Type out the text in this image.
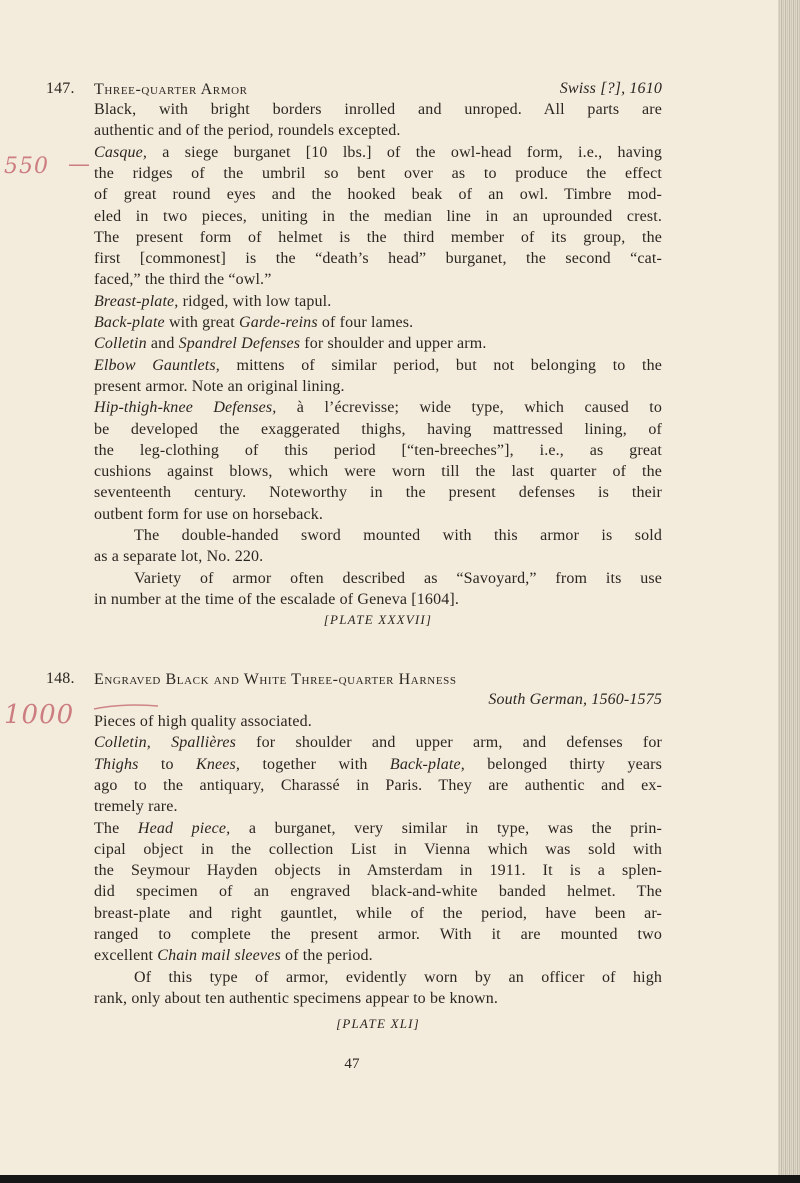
147. Three-quarter Armor	Swiss [?], 1610
550 —
Black, with bright borders inrolled and unroped. All parts are
authentic and of the period, roundels excepted.
Casque, a siege burganet [10 lbs.] of the owl-head form, i.e., having
the ridges of the umbril so bent over as to produce the effect
of great round eyes and the hooked beak of an owl. Timbre mod-
eled in two pieces, uniting in the median line in an uprounded crest.
The present form of helmet is the third member of its group, the
first [commonest] is the “death’s head” burganet, the second “cat-
faced,” the third the “owl.”
Breast-plate, ridged, with low tapul.
Back-plate with great Garde-reins of four lames.
Colletin and Spandrel Defenses for shoulder and upper arm.
Elbow Gauntlets, mittens of similar period, but not belonging to the
present armor. Note an original lining.
Hip-thigh-knee Defenses, à l’écrevisse; wide type, which caused to
be developed the exaggerated thighs, having mattressed lining, of
the leg-clothing of this period [“ten-breeches”], i.e., as great
cushions against blows, which were worn till the last quarter of the
seventeenth century. Noteworthy in the present defenses is their
outbent form for use on horseback.
The double-handed sword mounted with this armor is sold
as a separate lot, No. 220.
Variety of armor often described as “Savoyard,” from its use
in number at the time of the escalade of Geneva [1604].
[PLATE XXXVII]
148. Engraved Black and White Three-quarter Harness
South German, 1560-1575
1000 Pieces of high quality associated.
Colletin, Spallières for shoulder and upper arm, and defenses for
Thighs to Knees, together with Back-plate, belonged thirty years
ago to the antiquary, Charassé in Paris. They are authentic and ex-
tremely rare.
The Head piece, a burganet, very similar in type, was the prin-
cipal object in the collection List in Vienna which was sold with
the Seymour Hayden objects in Amsterdam in 1911. It is a splen-
did specimen of an engraved black-and-white banded helmet. The
breast-plate and right gauntlet, while of the period, have been ar-
ranged to complete the present armor. With it are mounted two
excellent Chain mail sleeves of the period.
Of this type of armor, evidently worn by an officer of high
rank, only about ten authentic specimens appear to be known.
[PLATE XLI]
47
